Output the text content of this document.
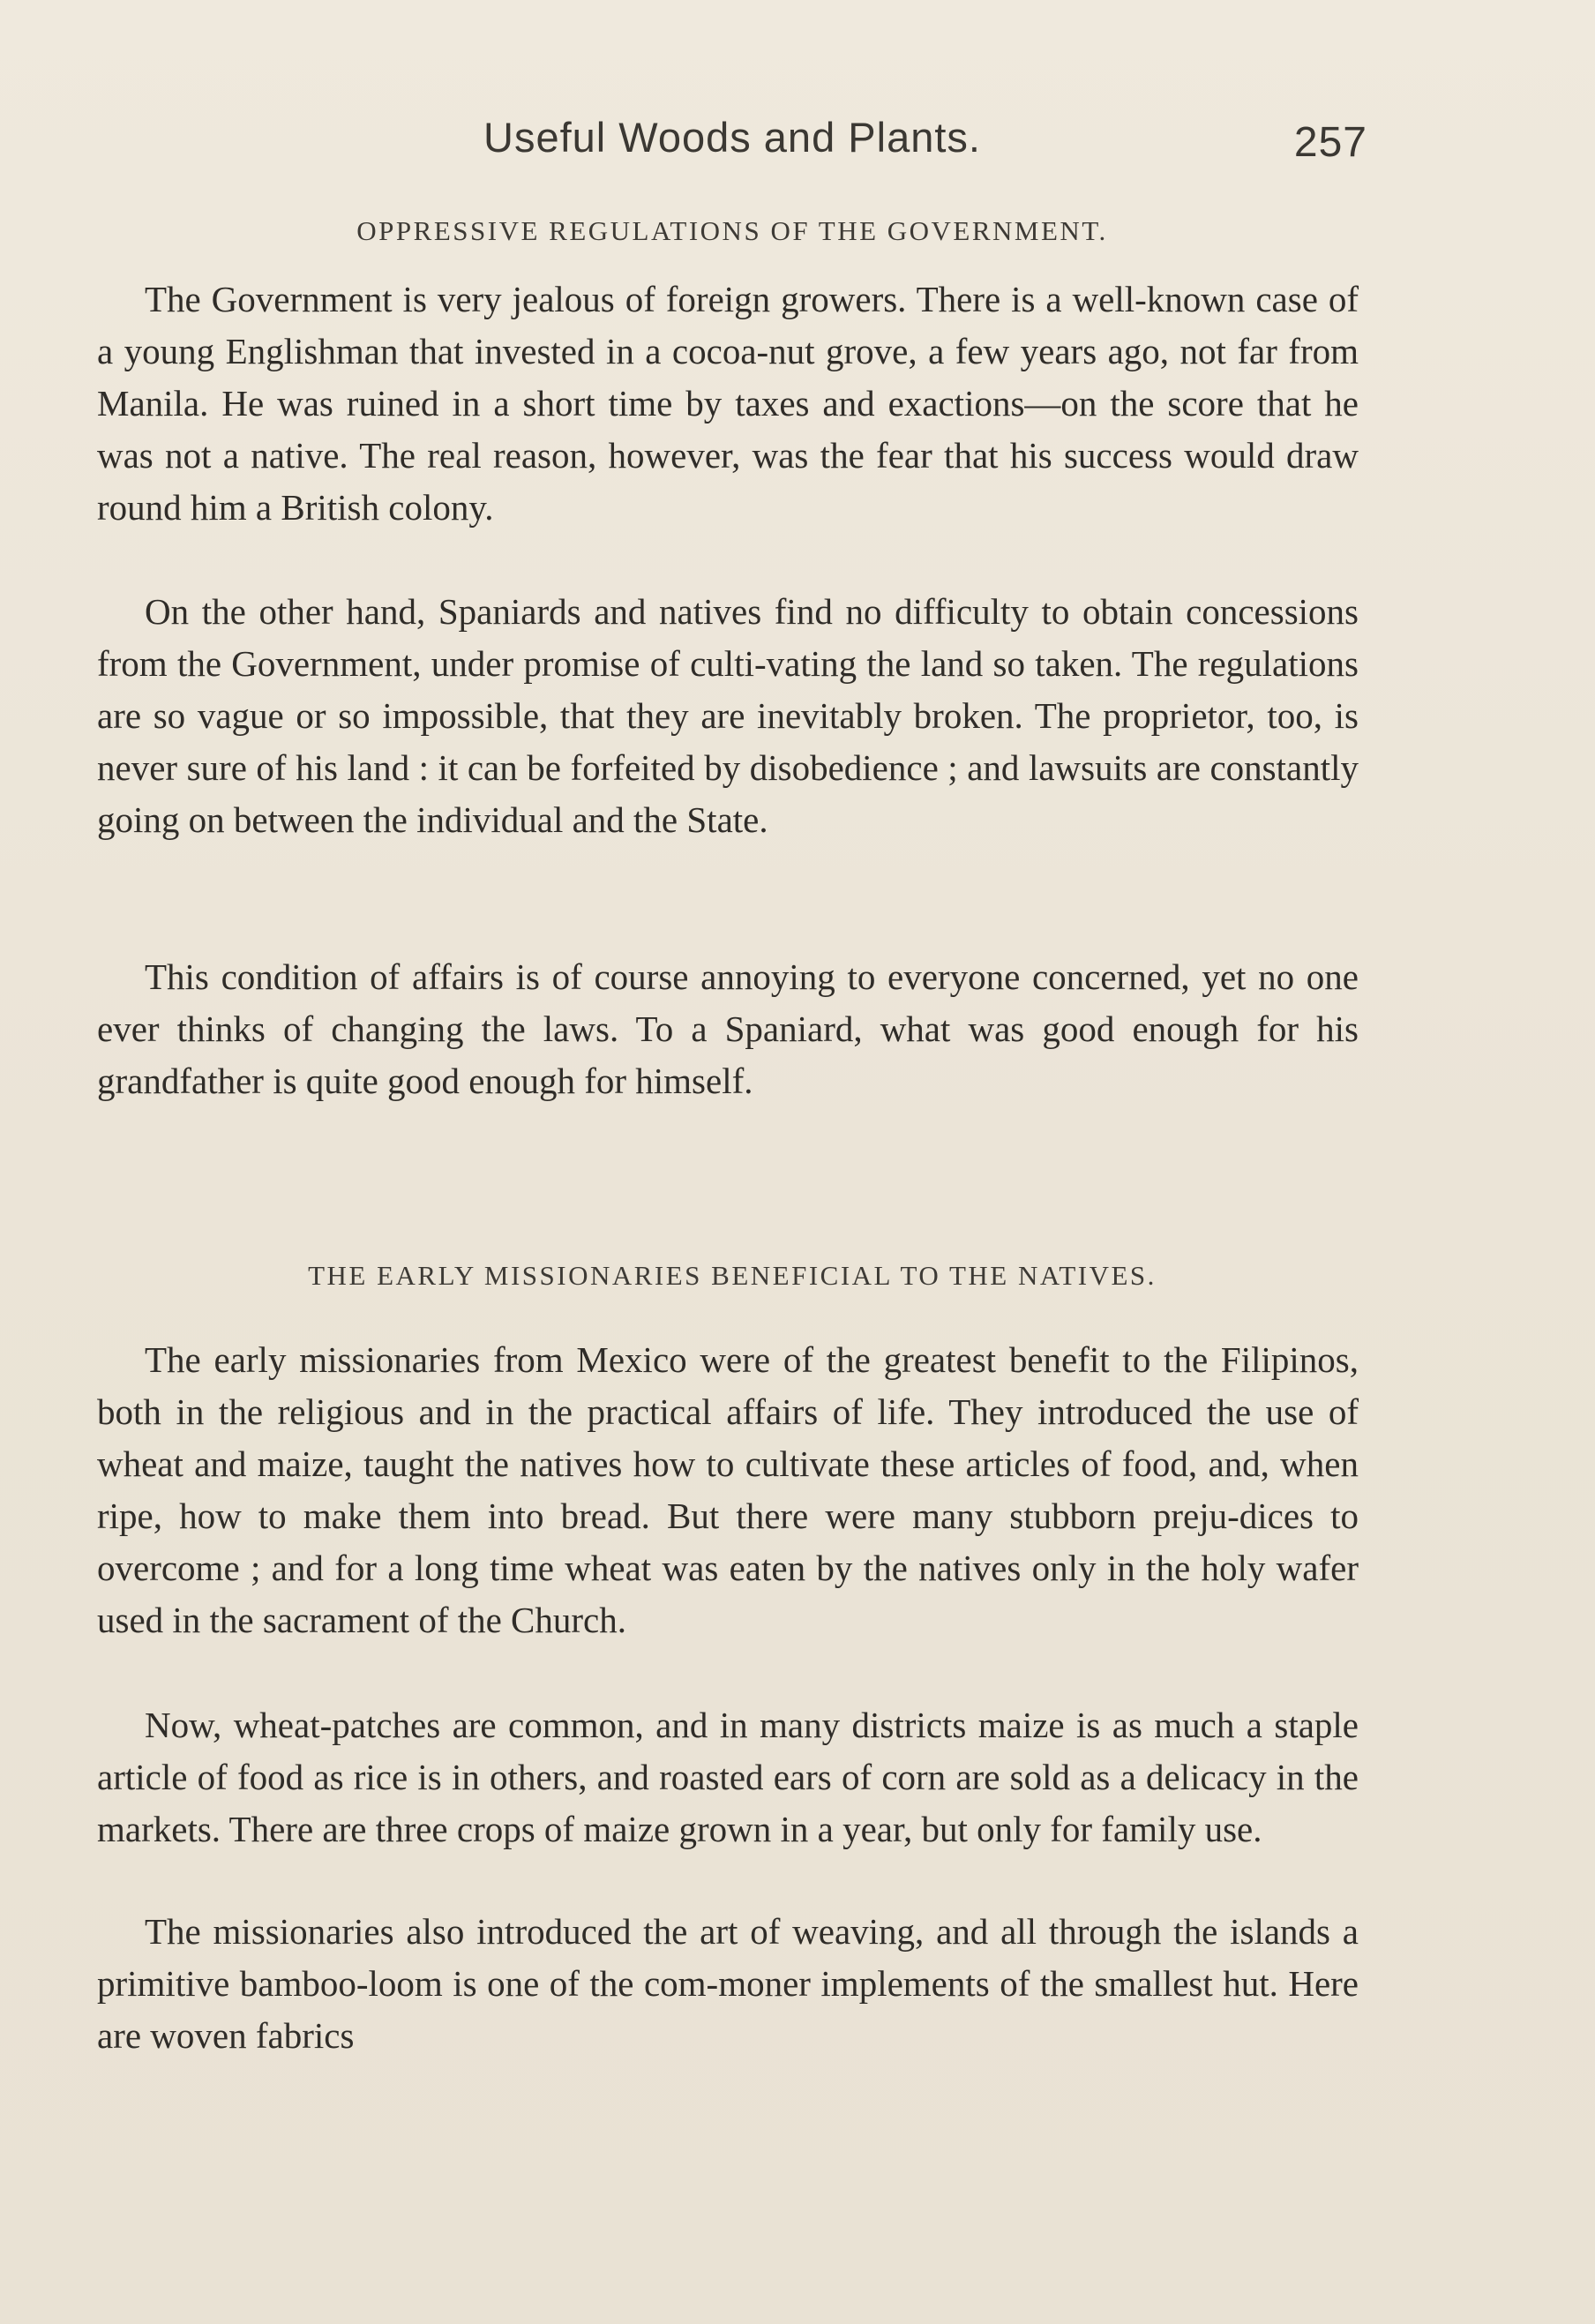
Useful Woods and Plants.	257
OPPRESSIVE REGULATIONS OF THE GOVERNMENT.

The Government is very jealous of foreign growers. There is a well-known case of a young Englishman that invested in a cocoa-nut grove, a few years ago, not far from Manila. He was ruined in a short time by taxes and exactions—on the score that he was not a native. The real reason, however, was the fear that his success would draw round him a British colony.

On the other hand, Spaniards and natives find no difficulty to obtain concessions from the Government, under promise of culti-vating the land so taken. The regulations are so vague or so impossible, that they are inevitably broken. The proprietor, too, is never sure of his land : it can be forfeited by disobedience ; and lawsuits are constantly going on between the individual and the State.

This condition of affairs is of course annoying to everyone concerned, yet no one ever thinks of changing the laws. To a Spaniard, what was good enough for his grandfather is quite good enough for himself.

THE EARLY MISSIONARIES BENEFICIAL TO THE NATIVES.

The early missionaries from Mexico were of the greatest benefit to the Filipinos, both in the religious and in the practical affairs of life. They introduced the use of wheat and maize, taught the natives how to cultivate these articles of food, and, when ripe, how to make them into bread. But there were many stubborn preju-dices to overcome ; and for a long time wheat was eaten by the natives only in the holy wafer used in the sacrament of the Church.

Now, wheat-patches are common, and in many districts maize is as much a staple article of food as rice is in others, and roasted ears of corn are sold as a delicacy in the markets. There are three crops of maize grown in a year, but only for family use.

The missionaries also introduced the art of weaving, and all through the islands a primitive bamboo-loom is one of the com-moner implements of the smallest hut. Here are woven fabrics
